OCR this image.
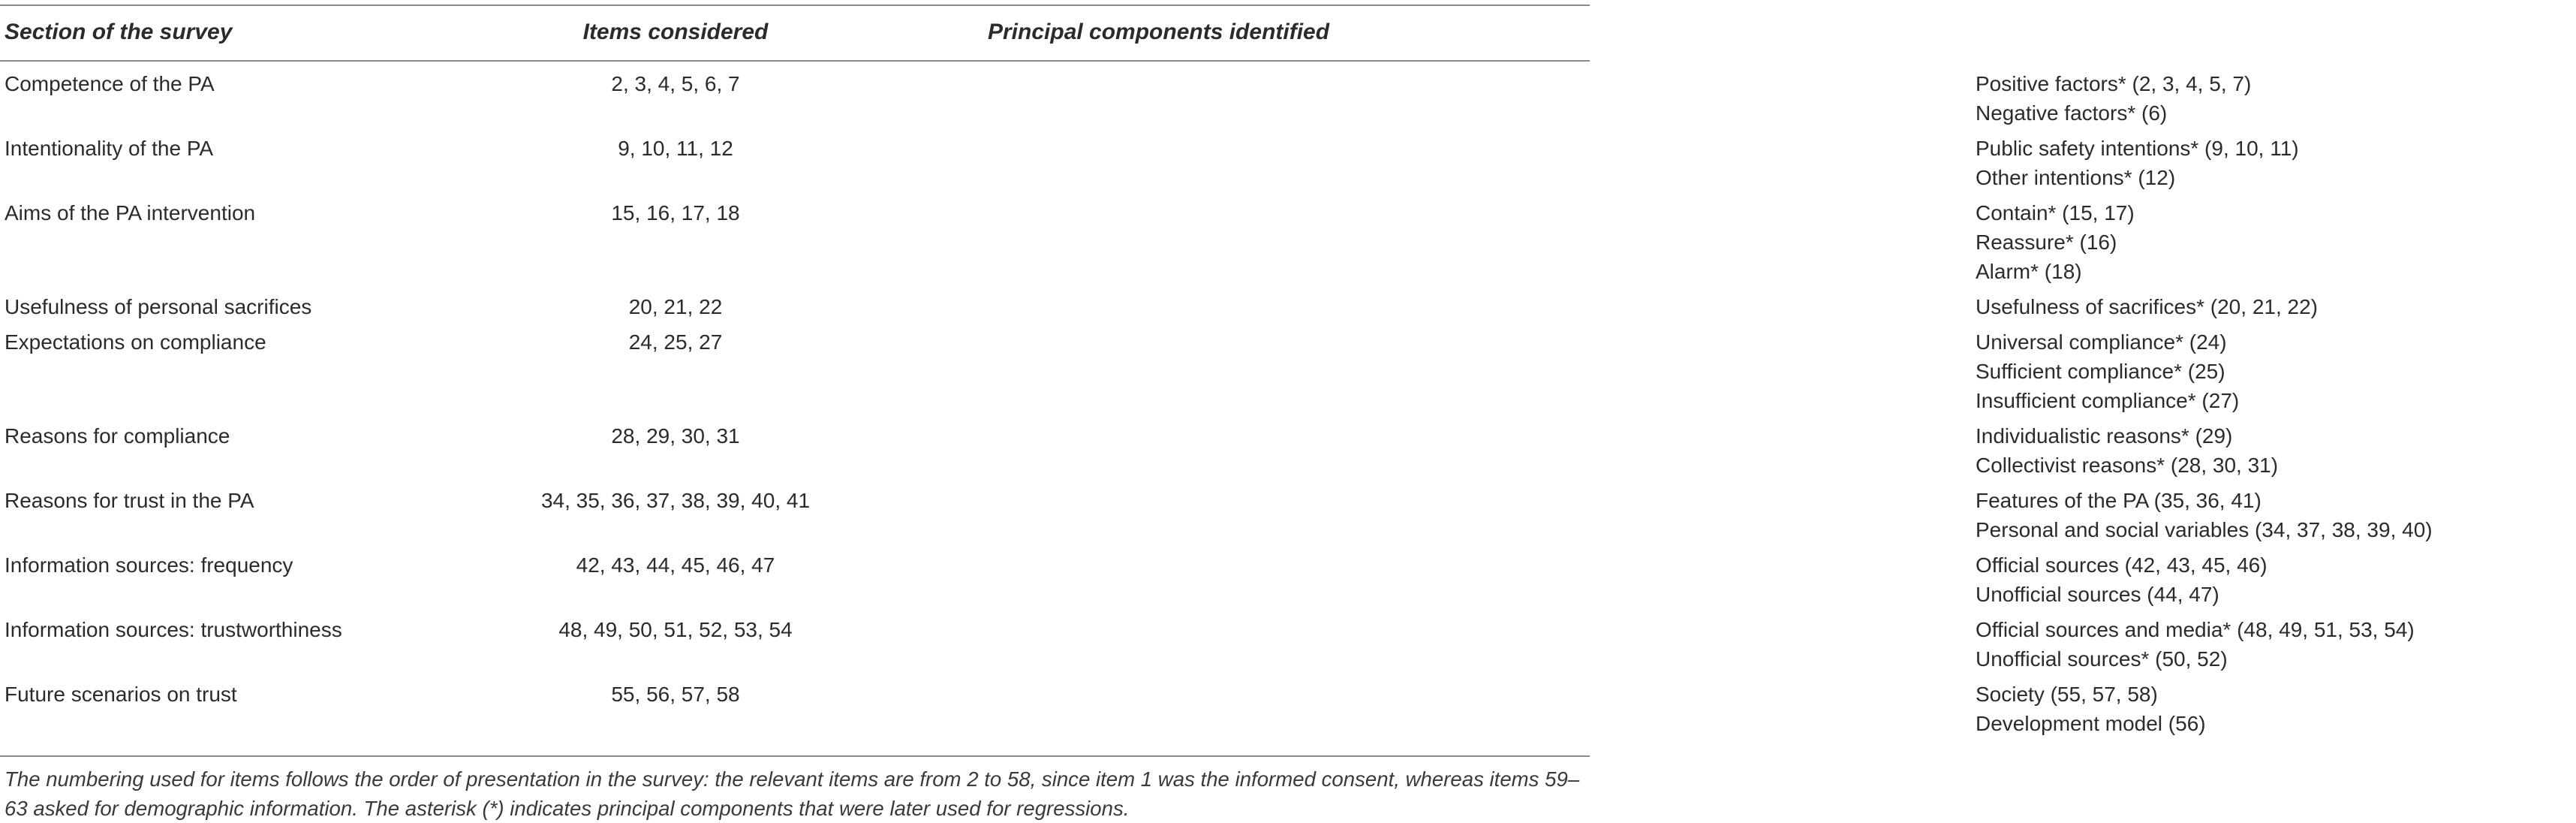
Section of the survey	Items considered	Principal components identified
Competence of the PA	2, 3, 4, 5, 6, 7	Positive factors* (2, 3, 4, 5, 7)
Negative factors* (6)
Intentionality of the PA	9, 10, 11, 12	Public safety intentions* (9, 10, 11)
Other intentions* (12)
Aims of the PA intervention	15, 16, 17, 18	Contain* (15, 17)
Reassure* (16)
Alarm* (18)
Usefulness of personal sacrifices	20, 21, 22	Usefulness of sacrifices* (20, 21, 22)
Expectations on compliance	24, 25, 27	Universal compliance* (24)
Sufficient compliance* (25)
Insufficient compliance* (27)
Reasons for compliance	28, 29, 30, 31	Individualistic reasons* (29)
Collectivist reasons* (28, 30, 31)
Reasons for trust in the PA	34, 35, 36, 37, 38, 39, 40, 41	Features of the PA (35, 36, 41)
Personal and social variables (34, 37, 38, 39, 40)
Information sources: frequency	42, 43, 44, 45, 46, 47	Official sources (42, 43, 45, 46)
Unofficial sources (44, 47)
Information sources: trustworthiness	48, 49, 50, 51, 52, 53, 54	Official sources and media* (48, 49, 51, 53, 54)
Unofficial sources* (50, 52)
Future scenarios on trust	55, 56, 57, 58	Society (55, 57, 58)
Development model (56)
The numbering used for items follows the order of presentation in the survey: the relevant items are from 2 to 58, since item 1 was the informed consent, whereas items 59–63 asked for demographic information. The asterisk (*) indicates principal components that were later used for regressions.
